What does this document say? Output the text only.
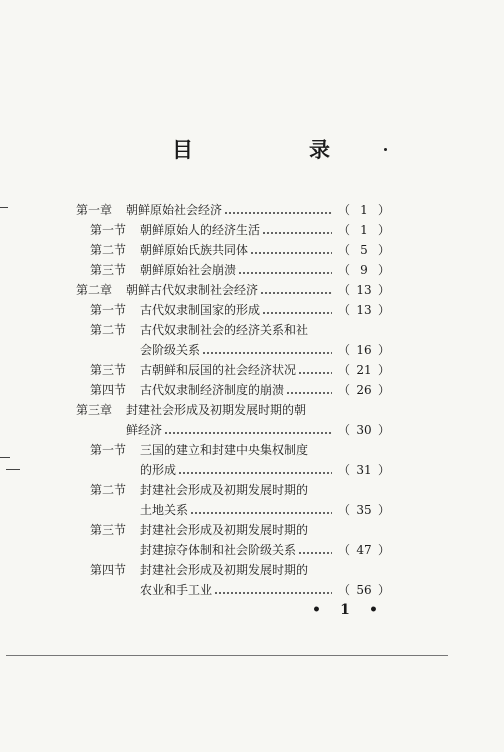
目	录
第一章 朝鲜原始社会经济	（ 1 ）
第一节 朝鲜原始人的经济生活	（ 1 ）
第二节 朝鲜原始氏族共同体	（ 5 ）
第三节 朝鲜原始社会崩溃	（ 9 ）
第二章 朝鲜古代奴隶制社会经济	（ 13 ）
第一节 古代奴隶制国家的形成	（ 13 ）
第二节 古代奴隶制社会的经济关系和社
会阶级关系	（ 16 ）
第三节 古朝鲜和辰国的社会经济状况	（ 21 ）
第四节 古代奴隶制经济制度的崩溃	（ 26 ）
第三章 封建社会形成及初期发展时期的朝
鲜经济	（ 30 ）
第一节 三国的建立和封建中央集权制度
的形成	（ 31 ）
第二节 封建社会形成及初期发展时期的
土地关系	（ 35 ）
第三节 封建社会形成及初期发展时期的
封建掠夺体制和社会阶级关系	（ 47 ）
第四节 封建社会形成及初期发展时期的
农业和手工业	（ 56 ）
• 1 •
